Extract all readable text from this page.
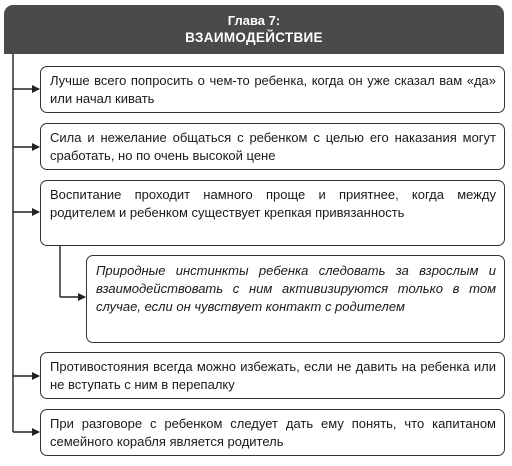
Глава 7:
ВЗАИМОДЕЙСТВИЕ
Лучше всего попросить о чем-то ребенка, когда он уже сказал вам «да» или начал кивать
Сила и нежелание общаться с ребенком с целью его наказания могут сработать, но по очень высокой цене
Воспитание проходит намного проще и приятнее, когда между родителем и ребенком существует крепкая привязанность
Природные инстинкты ребенка следовать за взрослым и взаимодействовать с ним активизируются только в том случае, если он чувствует контакт с родителем
Противостояния всегда можно избежать, если не давить на ребенка или не вступать с ним в перепалку
При разговоре с ребенком следует дать ему понять, что капитаном семейного корабля является родитель
